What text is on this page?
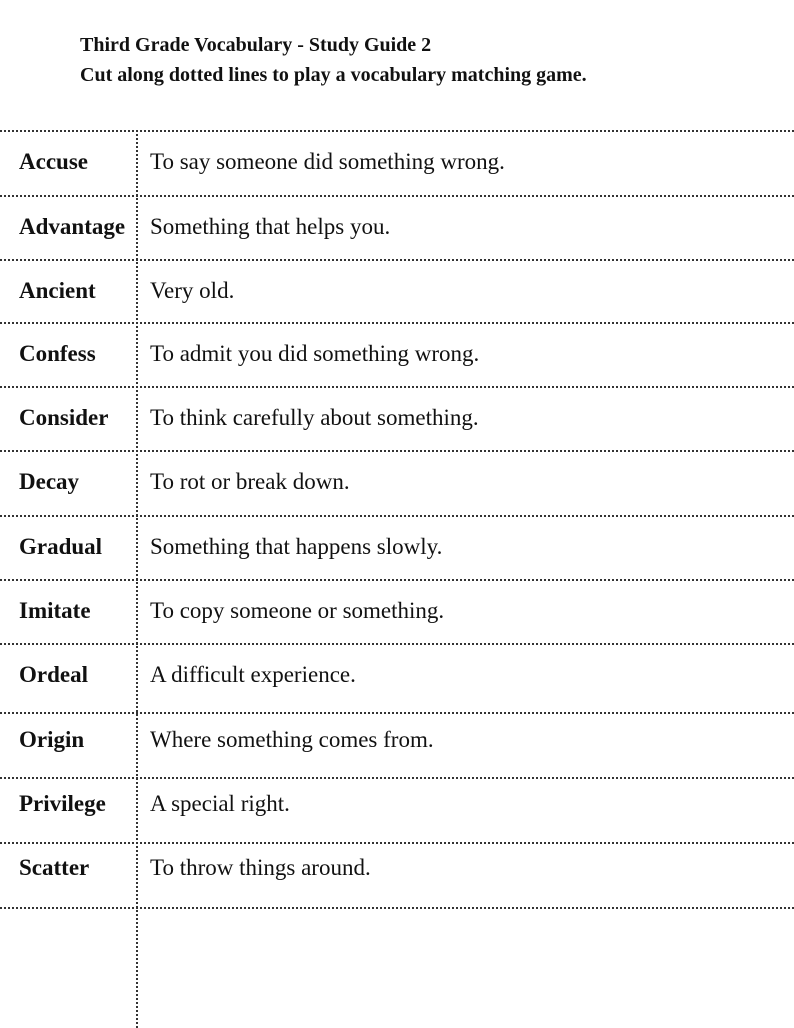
Third Grade Vocabulary - Study Guide 2
Cut along dotted lines to play a vocabulary matching game.
Accuse	To say someone did something wrong.
Advantage Something that helps you.
Ancient Very old.
Confess To admit you did something wrong.
Consider To think carefully about something.
Decay	To rot or break down.
Gradual Something that happens slowly.
Imitate	To copy someone or something.
Ordeal	A difficult experience.
Origin	Where something comes from.
Privilege A special right.
Scatter	To throw things around.
